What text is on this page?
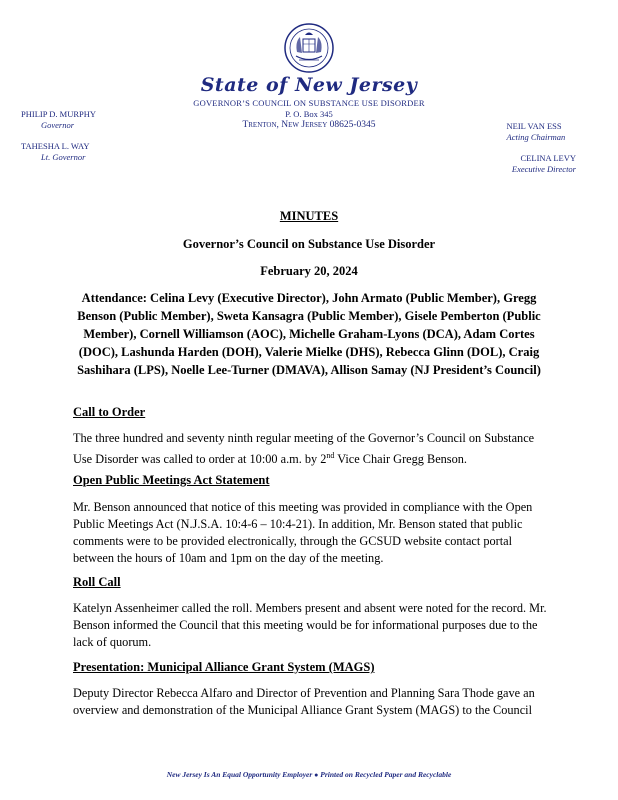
State of New Jersey
GOVERNOR’S COUNCIL ON SUBSTANCE USE DISORDER
P. O. Box 345
Trenton, New Jersey 08625-0345
PHILIP D. MURPHY
Governor
TAHESHA L. WAY
Lt. Governor
NEIL VAN ESS
Acting Chairman
CELINA LEVY
Executive Director
MINUTES
Governor’s Council on Substance Use Disorder
February 20, 2024
Attendance: Celina Levy (Executive Director), John Armato (Public Member), Gregg Benson (Public Member), Sweta Kansagra (Public Member), Gisele Pemberton (Public Member), Cornell Williamson (AOC), Michelle Graham-Lyons (DCA), Adam Cortes (DOC), Lashunda Harden (DOH), Valerie Mielke (DHS), Rebecca Glinn (DOL), Craig Sashihara (LPS), Noelle Lee-Turner (DMAVA), Allison Samay (NJ President’s Council)
Call to Order

The three hundred and seventy ninth regular meeting of the Governor’s Council on Substance Use Disorder was called to order at 10:00 a.m. by 2nd Vice Chair Gregg Benson.

Open Public Meetings Act Statement

Mr. Benson announced that notice of this meeting was provided in compliance with the Open Public Meetings Act (N.J.S.A. 10:4-6 – 10:4-21). In addition, Mr. Benson stated that public comments were to be provided electronically, through the GCSUD website contact portal between the hours of 10am and 1pm on the day of the meeting.

Roll Call

Katelyn Assenheimer called the roll. Members present and absent were noted for the record. Mr. Benson informed the Council that this meeting would be for informational purposes due to the lack of quorum.

Presentation: Municipal Alliance Grant System (MAGS)

Deputy Director Rebecca Alfaro and Director of Prevention and Planning Sara Thode gave an overview and demonstration of the Municipal Alliance Grant System (MAGS) to the Council

New Jersey Is An Equal Opportunity Employer ● Printed on Recycled Paper and Recyclable
